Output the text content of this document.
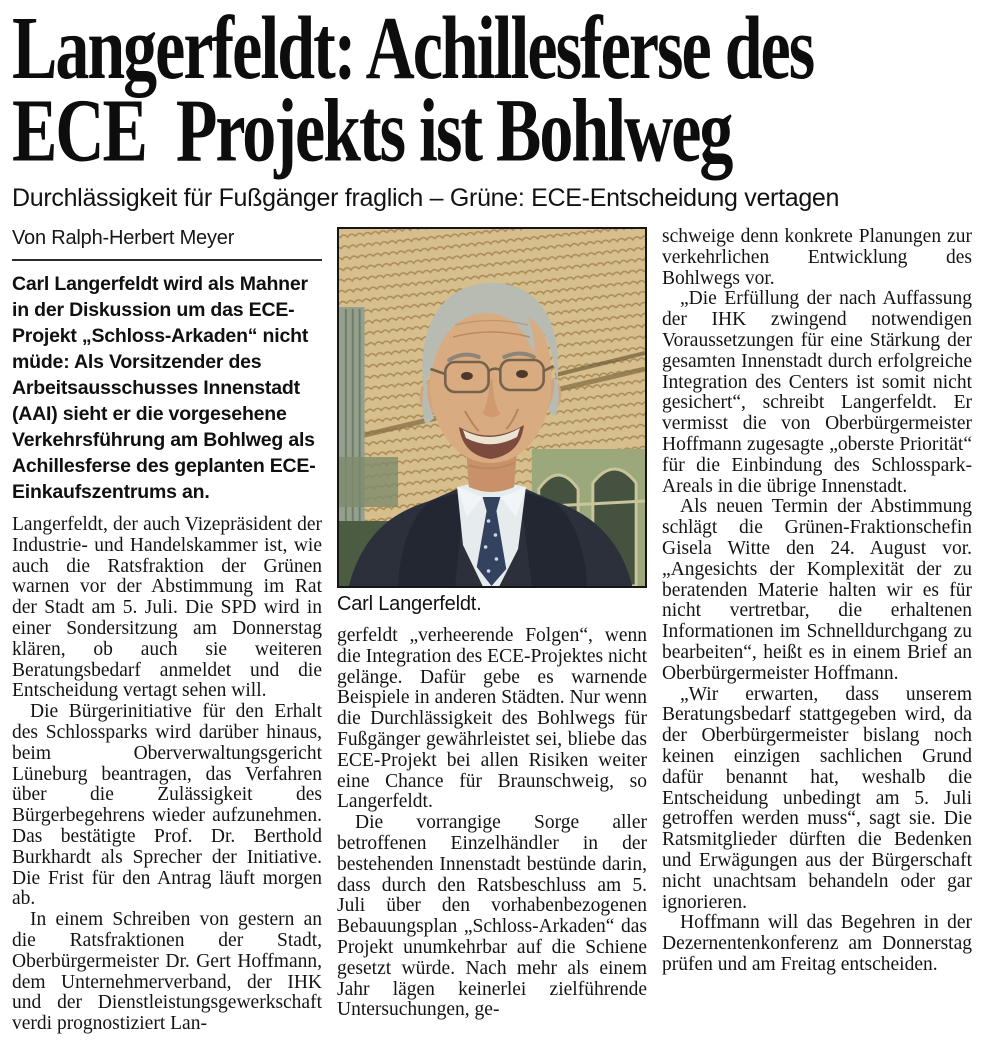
Langerfeldt: Achillesferse des
ECE  Projekts ist Bohlweg
Durchlässigkeit für Fußgänger fraglich – Grüne: ECE-Entscheidung vertagen
Von Ralph-Herbert Meyer

Carl Langerfeldt wird als Mahner in der Diskussion um das ECE-Projekt „Schloss-Arkaden“ nicht müde: Als Vorsitzender des Arbeitsausschusses Innenstadt (AAI) sieht er die vorgesehene Verkehrsführung am Bohlweg als Achillesferse des geplanten ECE-Einkaufszentrums an.

Langerfeldt, der auch Vizepräsident der Industrie- und Handelskammer ist, wie auch die Ratsfraktion der Grünen warnen vor der Abstimmung im Rat der Stadt am 5. Juli. Die SPD wird in einer Sondersitzung am Donnerstag klären, ob auch sie weiteren Beratungsbedarf anmeldet und die Entscheidung vertagt sehen will.

Die Bürgerinitiative für den Erhalt des Schlossparks wird darüber hinaus, beim Oberverwaltungsgericht Lüneburg beantragen, das Verfahren über die Zulässigkeit des Bürgerbegehrens wieder aufzunehmen. Das bestätigte Prof. Dr. Berthold Burkhardt als Sprecher der Initiative. Die Frist für den Antrag läuft morgen ab.

In einem Schreiben von gestern an die Ratsfraktionen der Stadt, Oberbürgermeister Dr. Gert Hoffmann, dem Unternehmerverband, der IHK und der Dienstleistungsgewerkschaft verdi prognostiziert Lan-

Carl Langerfeldt.

gerfeldt „verheerende Folgen“, wenn die Integration des ECE-Projektes nicht gelänge. Dafür gebe es warnende Beispiele in anderen Städten. Nur wenn die Durchlässigkeit des Bohlwegs für Fußgänger gewährleistet sei, bliebe das ECE-Projekt bei allen Risiken weiter eine Chance für Braunschweig, so Langerfeldt.

Die vorrangige Sorge aller betroffenen Einzelhändler in der bestehenden Innenstadt bestünde darin, dass durch den Ratsbeschluss am 5. Juli über den vorhabenbezogenen Bebauungsplan „Schloss-Arkaden“ das Projekt unumkehrbar auf die Schiene gesetzt würde. Nach mehr als einem Jahr lägen keinerlei zielführende Untersuchungen, ge-

schweige denn konkrete Planungen zur verkehrlichen Entwicklung des Bohlwegs vor.

„Die Erfüllung der nach Auffassung der IHK zwingend notwendigen Voraussetzungen für eine Stärkung der gesamten Innenstadt durch erfolgreiche Integration des Centers ist somit nicht gesichert“, schreibt Langerfeldt. Er vermisst die von Oberbürgermeister Hoffmann zugesagte „oberste Priorität“ für die Einbindung des Schlosspark-Areals in die übrige Innenstadt.

Als neuen Termin der Abstimmung schlägt die Grünen-Fraktionschefin Gisela Witte den 24. August vor. „Angesichts der Komplexität der zu beratenden Materie halten wir es für nicht vertretbar, die erhaltenen Informationen im Schnelldurchgang zu bearbeiten“, heißt es in einem Brief an Oberbürgermeister Hoffmann.

„Wir erwarten, dass unserem Beratungsbedarf stattgegeben wird, da der Oberbürgermeister bislang noch keinen einzigen sachlichen Grund dafür benannt hat, weshalb die Entscheidung unbedingt am 5. Juli getroffen werden muss“, sagt sie. Die Ratsmitglieder dürften die Bedenken und Erwägungen aus der Bürgerschaft nicht unachtsam behandeln oder gar ignorieren.

Hoffmann will das Begehren in der Dezernentenkonferenz am Donnerstag prüfen und am Freitag entscheiden.
